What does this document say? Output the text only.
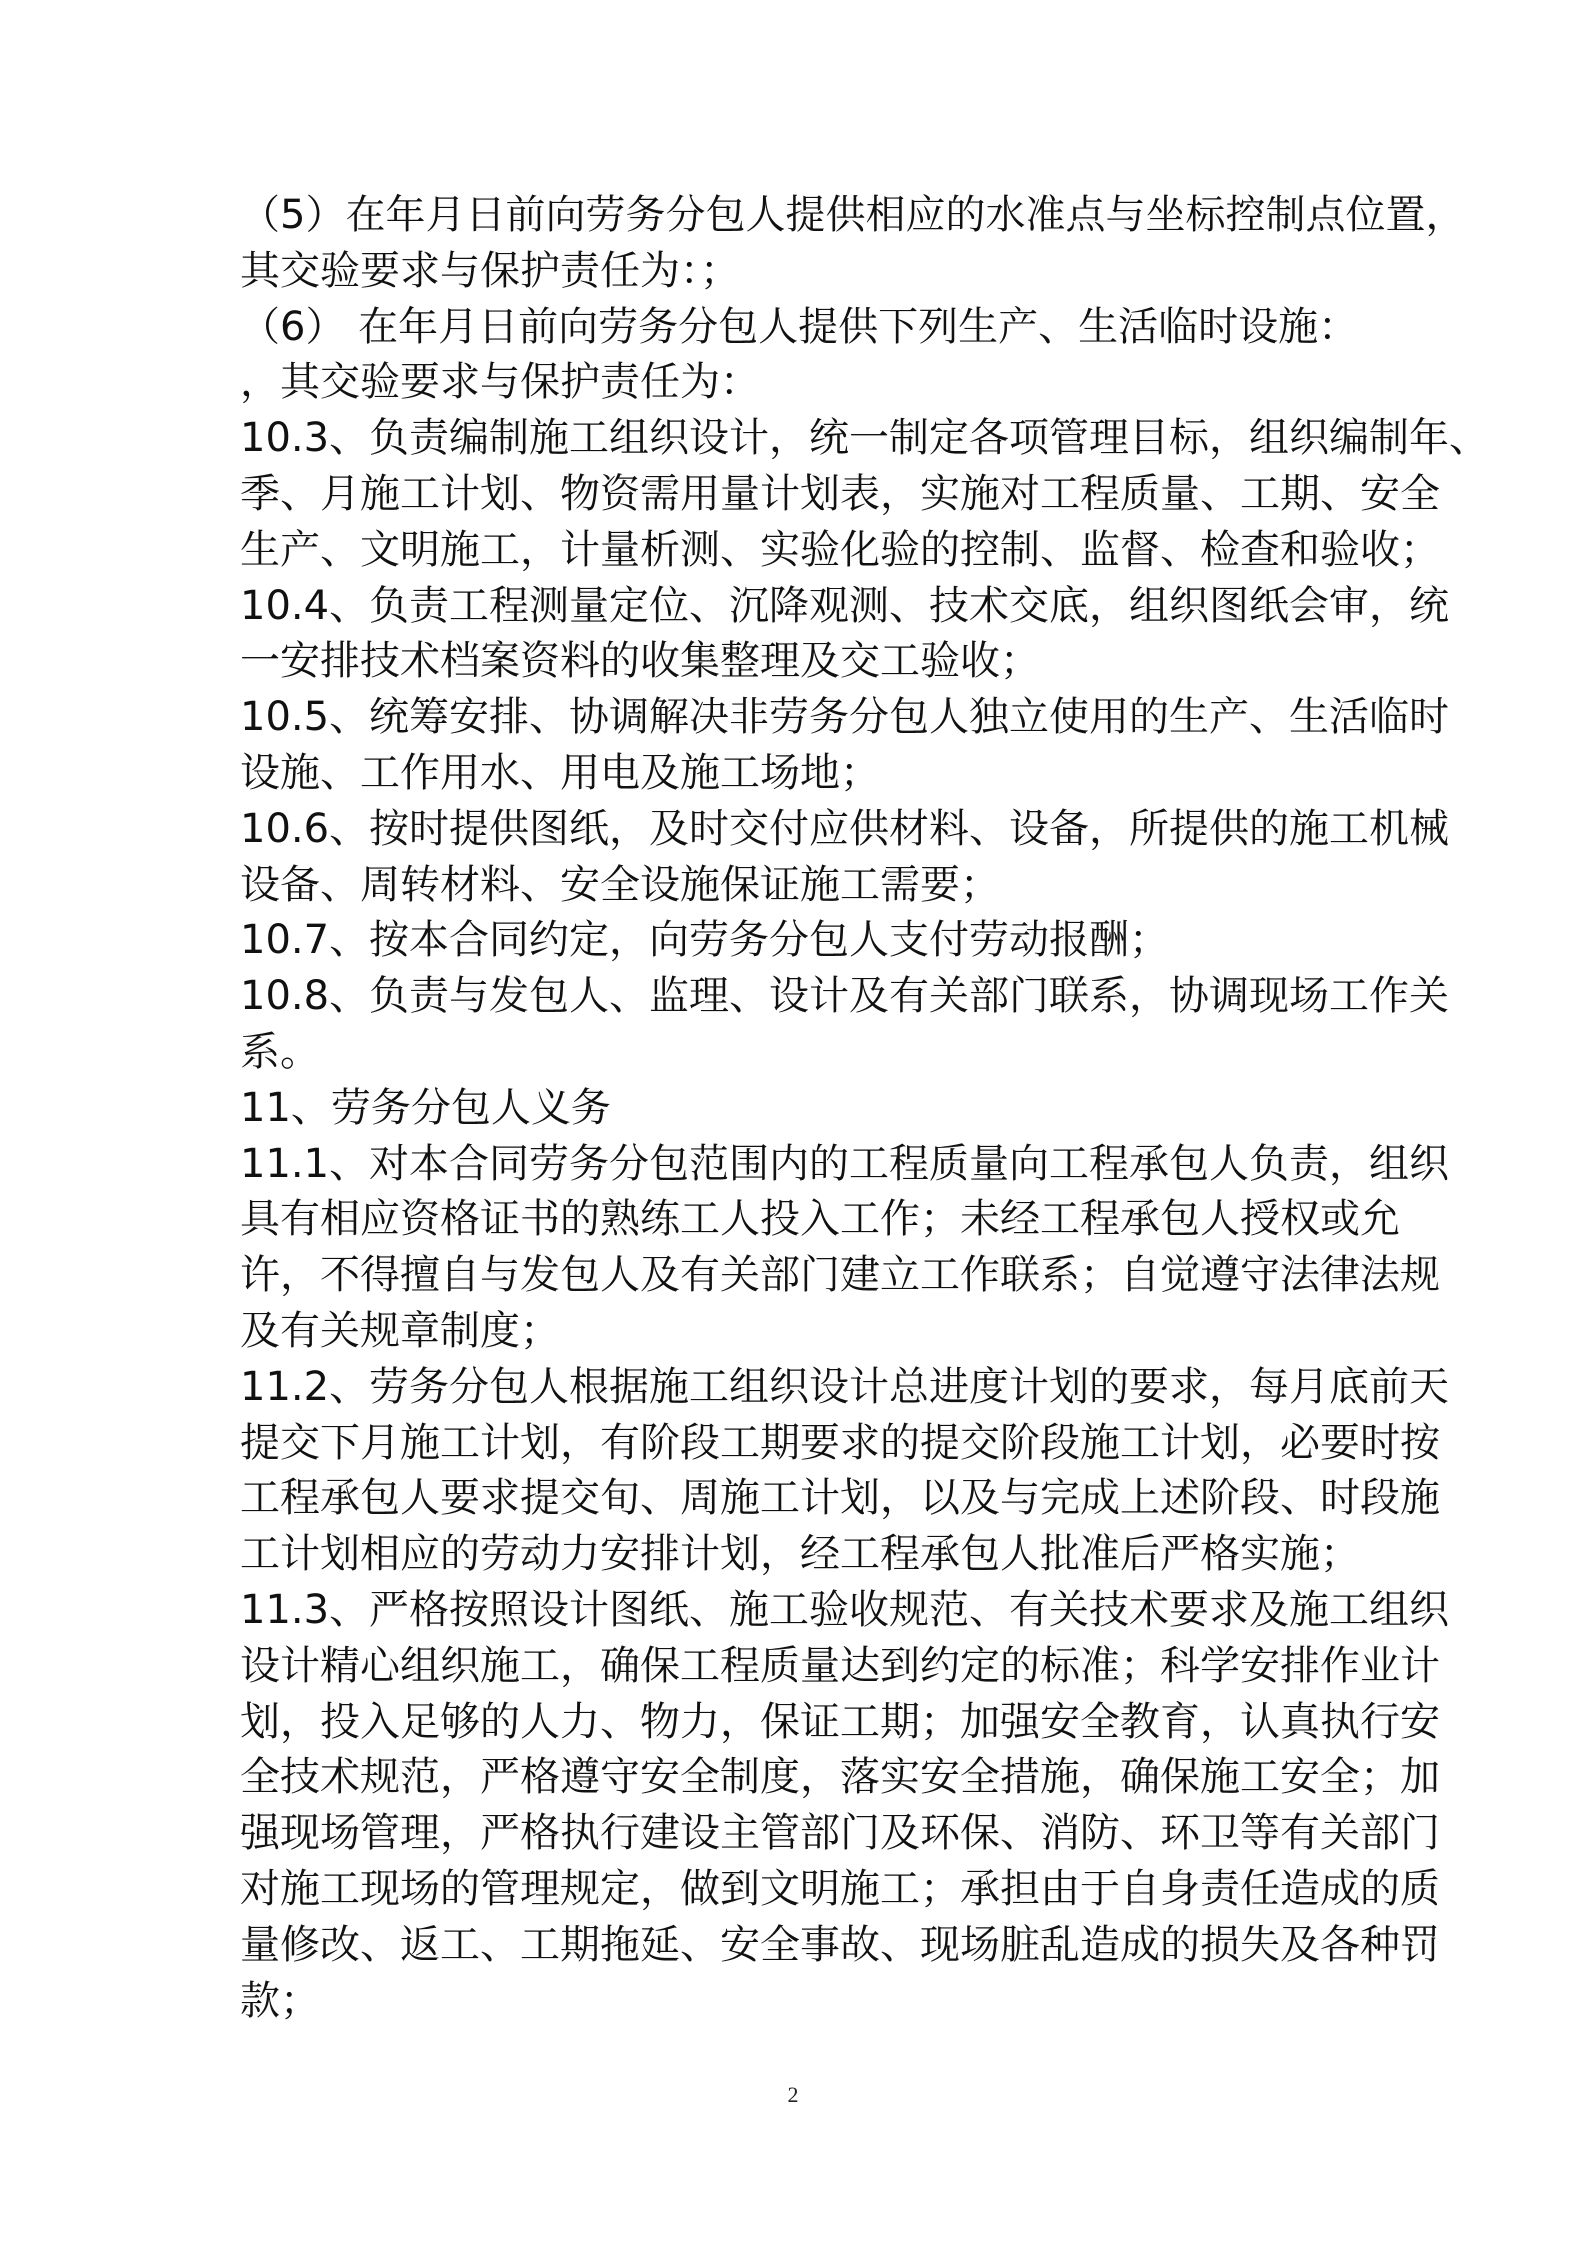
（5）在年月日前向劳务分包人提供相应的水准点与坐标控制点位置，
其交验要求与保护责任为：；
（6） 在年月日前向劳务分包人提供下列生产、生活临时设施：
，其交验要求与保护责任为：
10.3、负责编制施工组织设计，统一制定各项管理目标，组织编制年、
季、月施工计划、物资需用量计划表，实施对工程质量、工期、安全
生产、文明施工，计量析测、实验化验的控制、监督、检查和验收；
10.4、负责工程测量定位、沉降观测、技术交底，组织图纸会审，统
一安排技术档案资料的收集整理及交工验收；
10.5、统筹安排、协调解决非劳务分包人独立使用的生产、生活临时
设施、工作用水、用电及施工场地；
10.6、按时提供图纸，及时交付应供材料、设备，所提供的施工机械
设备、周转材料、安全设施保证施工需要；
10.7、按本合同约定，向劳务分包人支付劳动报酬；
10.8、负责与发包人、监理、设计及有关部门联系，协调现场工作关
系。
11、劳务分包人义务
11.1、对本合同劳务分包范围内的工程质量向工程承包人负责，组织
具有相应资格证书的熟练工人投入工作；未经工程承包人授权或允
许，不得擅自与发包人及有关部门建立工作联系；自觉遵守法律法规
及有关规章制度；
11.2、劳务分包人根据施工组织设计总进度计划的要求，每月底前天
提交下月施工计划，有阶段工期要求的提交阶段施工计划，必要时按
工程承包人要求提交旬、周施工计划，以及与完成上述阶段、时段施
工计划相应的劳动力安排计划，经工程承包人批准后严格实施；
11.3、严格按照设计图纸、施工验收规范、有关技术要求及施工组织
设计精心组织施工，确保工程质量达到约定的标准；科学安排作业计
划，投入足够的人力、物力，保证工期；加强安全教育，认真执行安
全技术规范，严格遵守安全制度，落实安全措施，确保施工安全；加
强现场管理，严格执行建设主管部门及环保、消防、环卫等有关部门
对施工现场的管理规定，做到文明施工；承担由于自身责任造成的质
量修改、返工、工期拖延、安全事故、现场脏乱造成的损失及各种罚
款；
2
